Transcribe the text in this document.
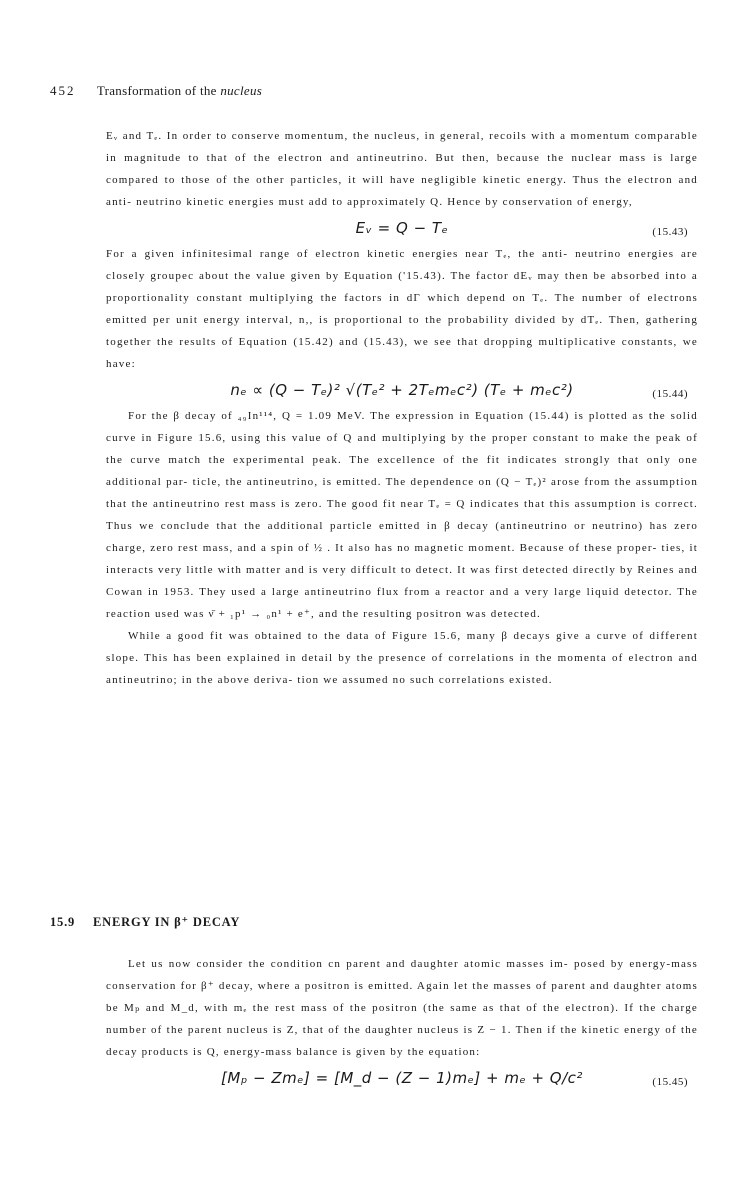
452 Transformation of the nucleus

Eᵥ and Tₑ. In order to conserve momentum, the nucleus, in general, recoils with a momentum comparable in magnitude to that of the electron and antineutrino. But then, because the nuclear mass is large compared to those of the other particles, it will have negligible kinetic energy. Thus the electron and anti- neutrino kinetic energies must add to approximately Q. Hence by conservation of energy,

Eᵥ = Q − Tₑ	(15.43)

For a given infinitesimal range of electron kinetic energies near Tₑ, the anti- neutrino energies are closely groupec about the value given by Equation ('15.43). The factor dEᵥ may then be absorbed into a proportionality constant multiplying the factors in dΓ which depend on Tₑ. The number of electrons emitted per unit energy interval, n,, is proportional to the probability divided by dTₑ. Then, gathering together the results of Equation (15.42) and (15.43), we see that dropping multiplicative constants, we have:

nₑ ∝ (Q − Tₑ)² √(Tₑ² + 2Tₑmₑc²) (Tₑ + mₑc²)	(15.44)

For the β decay of ₄₉In¹¹⁴, Q = 1.09 MeV. The expression in Equation (15.44) is plotted as the solid curve in Figure 15.6, using this value of Q and multiplying by the proper constant to make the peak of the curve match the experimental peak. The excellence of the fit indicates strongly that only one additional par- ticle, the antineutrino, is emitted. The dependence on (Q − Tₑ)² arose from the assumption that the antineutrino rest mass is zero. The good fit near Tₑ = Q indicates that this assumption is correct. Thus we conclude that the additional particle emitted in β decay (antineutrino or neutrino) has zero charge, zero rest mass, and a spin of ½ . It also has no magnetic moment. Because of these proper- ties, it interacts very little with matter and is very difficult to detect. It was first detected directly by Reines and Cowan in 1953. They used a large antineutrino flux from a reactor and a very large liquid detector. The reaction used was ν̄ + ₁p¹ → ₀n¹ + e⁺, and the resulting positron was detected.

While a good fit was obtained to the data of Figure 15.6, many β decays give a curve of different slope. This has been explained in detail by the presence of correlations in the momenta of electron and antineutrino; in the above deriva- tion we assumed no such correlations existed.

15.9 ENERGY IN β⁺ DECAY

Let us now consider the condition cn parent and daughter atomic masses im- posed by energy-mass conservation for β⁺ decay, where a positron is emitted. Again let the masses of parent and daughter atoms be Mₚ and M_d, with mₑ the rest mass of the positron (the same as that of the electron). If the charge number of the parent nucleus is Z, that of the daughter nucleus is Z − 1. Then if the kinetic energy of the decay products is Q, energy-mass balance is given by the equation:

[Mₚ − Zmₑ] = [M_d − (Z − 1)mₑ] + mₑ + Q/c²	(15.45)
